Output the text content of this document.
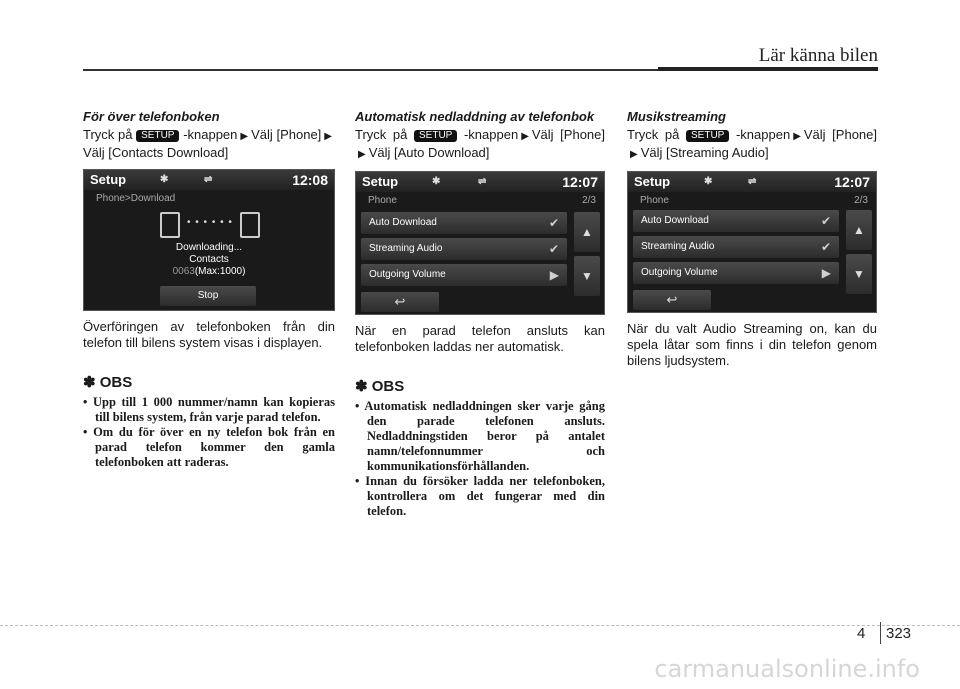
Lär känna bilen
För över telefonboken
Tryck på SETUP -knappen ▶ Välj [Phone] ▶Välj [Contacts Download]
Setup	✱	⇌	12:08
Phone>Download
• • • • • •
Downloading...
Contacts
0063(Max:1000)
Stop
Överföringen av telefonboken från din telefon till bilens system visas i displayen.
✽ OBS
• Upp till 1 000 nummer/namn kan kopieras till bilens system, från varje parad telefon.
• Om du för över en ny telefon bok från en parad telefon kommer den gamla telefonboken att raderas.
Automatisk nedladdning av telefonbok
Tryck på SETUP -knappen ▶ Välj [Phone]▶ Välj [Auto Download]
Setup	✱	⇌	12:07
Phone	2/3
Auto Download	✔
Streaming Audio	✔
Outgoing Volume	▶
▲
▼
↩
När en parad telefon ansluts kan telefonboken laddas ner automatisk.
✽ OBS
• Automatisk nedladdningen sker varje gång den parade telefonen ansluts. Nedladdningstiden beror på antalet namn/telefonnummer och kommunikationsförhållanden.
• Innan du försöker ladda ner telefonboken, kontrollera om det fungerar med din telefon.
Musikstreaming
Tryck på SETUP -knappen ▶ Välj [Phone]▶ Välj [Streaming Audio]
Setup	✱	⇌	12:07
Phone	2/3
Auto Download	✔
Streaming Audio	✔
Outgoing Volume	▶
▲
▼
↩
När du valt Audio Streaming on, kan du spela låtar som finns i din telefon genom bilens ljudsystem.
4 323
carmanualsonline.info
